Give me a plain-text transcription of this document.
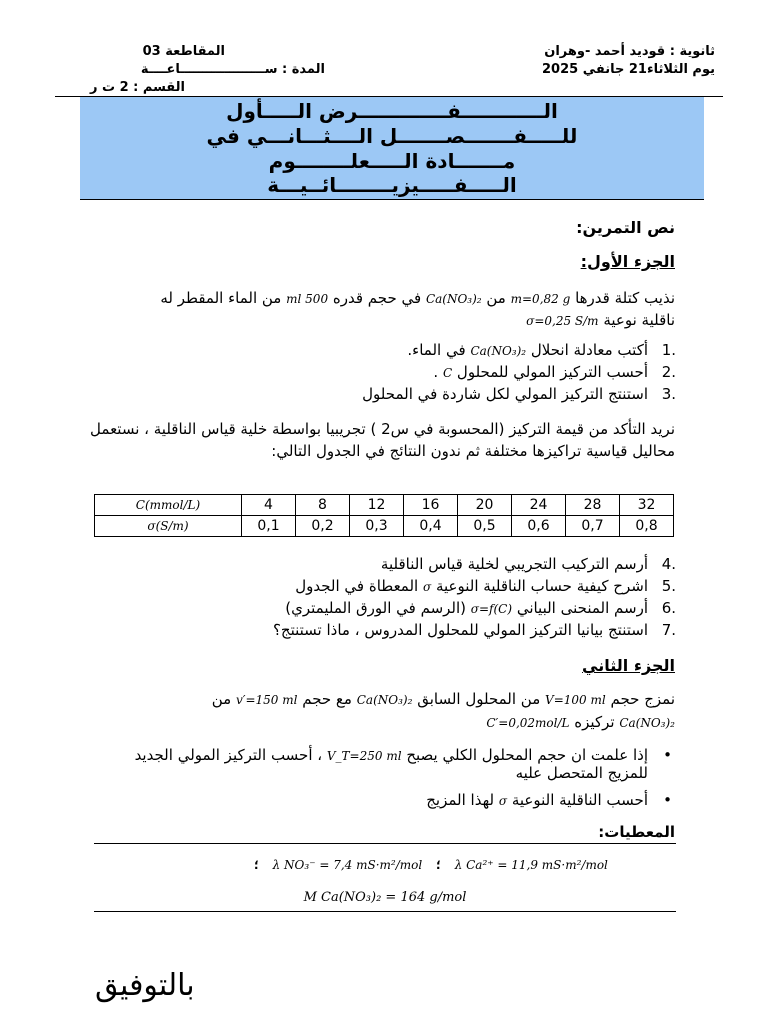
المقاطعة 03
المدة : ســـــــــــــــــــاعــــة
القسم : 2 ت ر
ثانوية : قوديد أحمد -وهران
يوم الثلاثاء21 جانفي 2025
الــــــــــــفـــــــــــــرض الـــــأول
للـــــفـــــــصـــــــل الــــثـــانـــي في
مـــــــادة الـــــعلــــــــوم
الـــــفـــــيزيــــــــائــيـــة
نص التمرين:
الجزء الأول:
نذيب كتلة قدرها m=0,82 g من Ca(NO₃)₂ في حجم قدره 500 ml من الماء المقطر له
ناقلية نوعية σ=0,25 S/m
1.
أكتب معادلة انحلال Ca(NO₃)₂ في الماء.
2.
أحسب التركيز المولي للمحلول C .
3.
استنتج التركيز المولي لكل شاردة في المحلول
نريد التأكد من قيمة التركيز (المحسوبة في س2 ) تجريبيا بواسطة خلية قياس الناقلية ، نستعمل محاليل قياسية تراكيزها مختلفة ثم ندون النتائج في الجدول التالي:
C(mmol/L)	4	8	12	16	20	24	28	32
σ(S/m)	0,1	0,2	0,3	0,4	0,5	0,6	0,7	0,8
4.
أرسم التركيب التجريبي لخلية قياس الناقلية
5.
اشرح كيفية حساب الناقلية النوعية σ المعطاة في الجدول
6.
أرسم المنحنى البياني σ=f(C) (الرسم في الورق المليمتري)
7.
استنتج بيانيا التركيز المولي للمحلول المدروس ، ماذا تستنتج؟
الجزء الثاني
نمزج حجم V=100 ml من المحلول السابق Ca(NO₃)₂ مع حجم v′=150 ml من
Ca(NO₃)₂ تركيزه C′=0,02mol/L
•
إذا علمت ان حجم المحلول الكلي يصبح V_T=250 ml ، أحسب التركيز المولي الجديد للمزيج المتحصل عليه
•
أحسب الناقلية النوعية σ لهذا المزيج
المعطيات:
؛ λ NO₃⁻ = 7,4 mS·m²/mol ؛ λ Ca²⁺ = 11,9 mS·m²/mol
M Ca(NO₃)₂ = 164 g/mol
بالتوفيق
